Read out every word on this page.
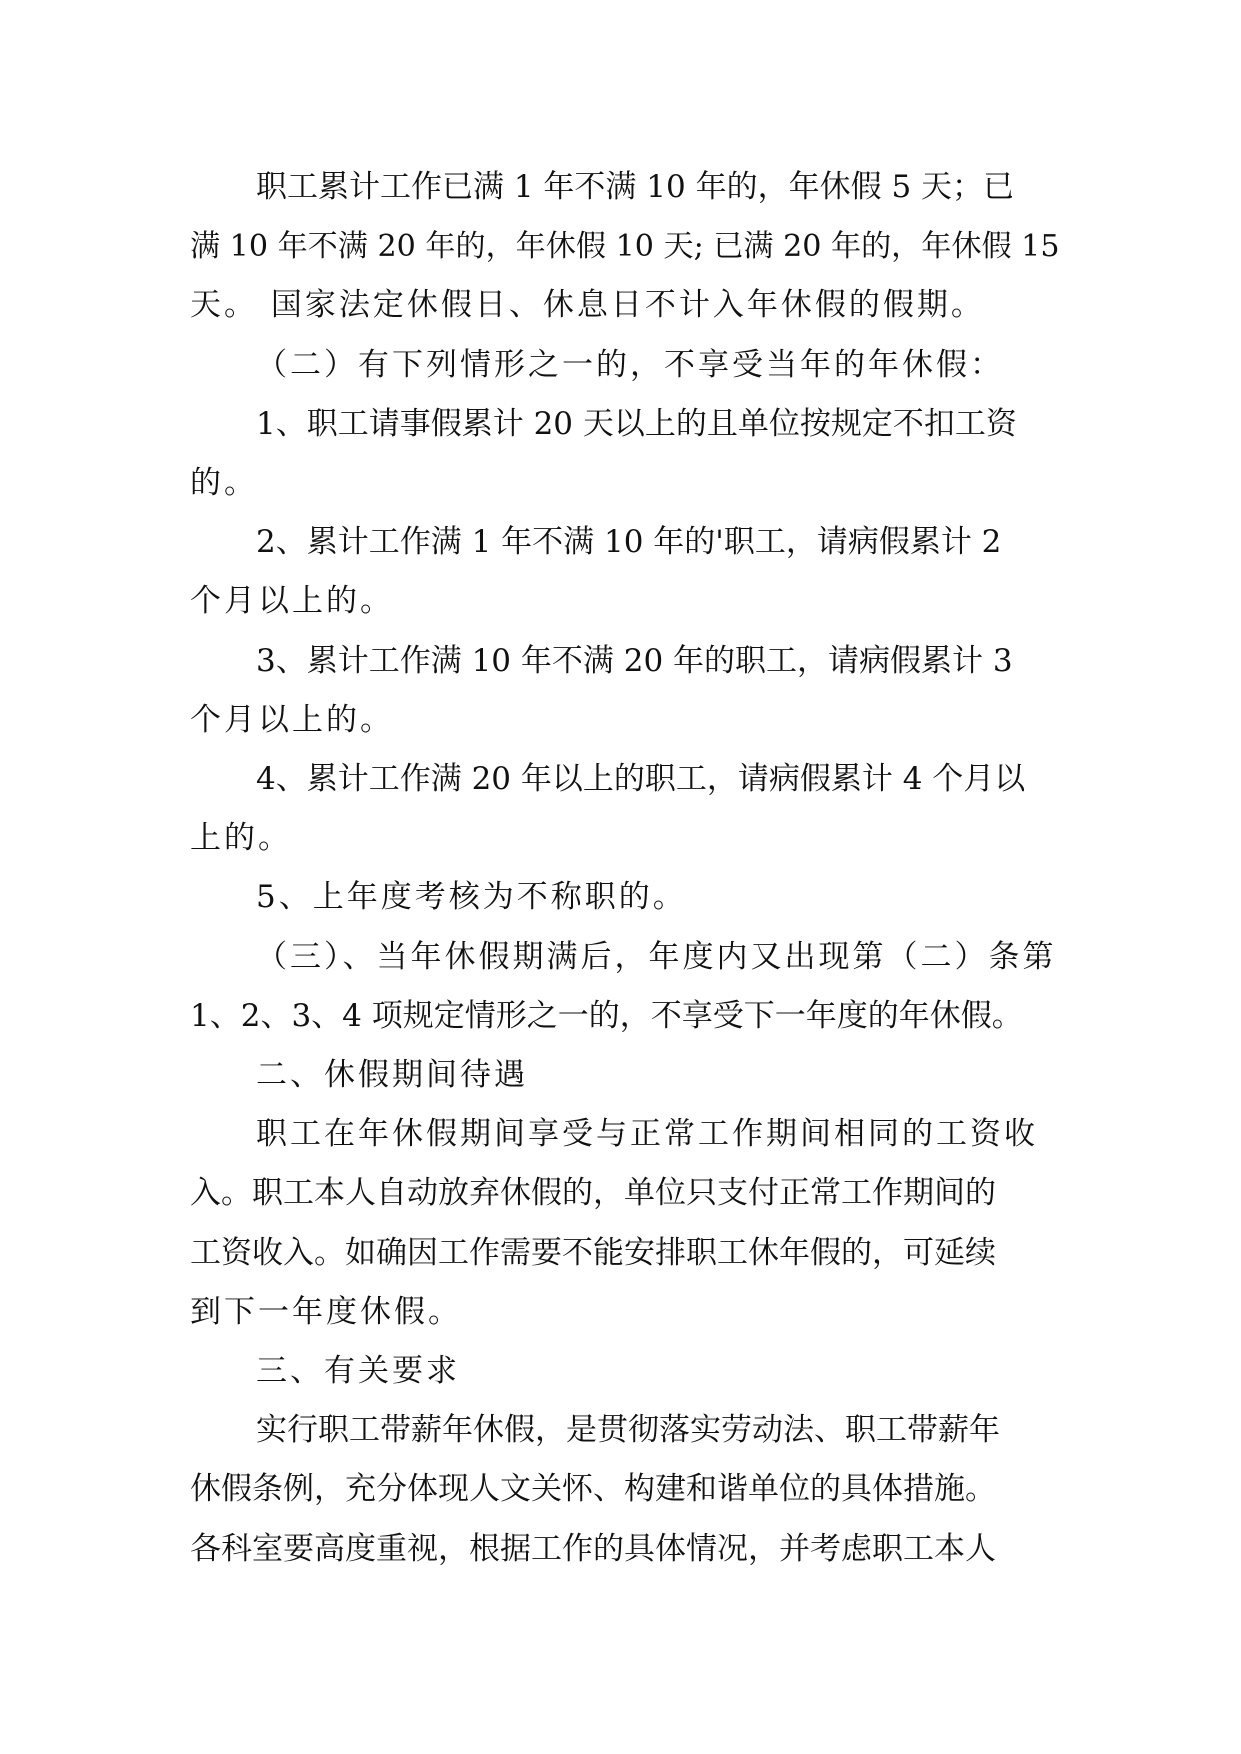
职工累计工作已满 1 年不满 10 年的，年休假 5 天；已
满 10 年不满 20 年的，年休假 10 天; 已满 20 年的，年休假 15
天。 国家法定休假日、休息日不计入年休假的假期。
（二）有下列情形之一的，不享受当年的年休假：
1、职工请事假累计 20 天以上的且单位按规定不扣工资
的。
2、累计工作满 1 年不满 10 年的'职工，请病假累计 2
个月以上的。
3、累计工作满 10 年不满 20 年的职工，请病假累计 3
个月以上的。
4、累计工作满 20 年以上的职工，请病假累计 4 个月以
上的。
5、上年度考核为不称职的。
（三）、当年休假期满后，年度内又出现第（二）条第
1、2、3、4 项规定情形之一的，不享受下一年度的年休假。
二、休假期间待遇
职工在年休假期间享受与正常工作期间相同的工资收
入。职工本人自动放弃休假的，单位只支付正常工作期间的
工资收入。如确因工作需要不能安排职工休年假的，可延续
到下一年度休假。
三、有关要求
实行职工带薪年休假，是贯彻落实劳动法、职工带薪年
休假条例，充分体现人文关怀、构建和谐单位的具体措施。
各科室要高度重视，根据工作的具体情况，并考虑职工本人
